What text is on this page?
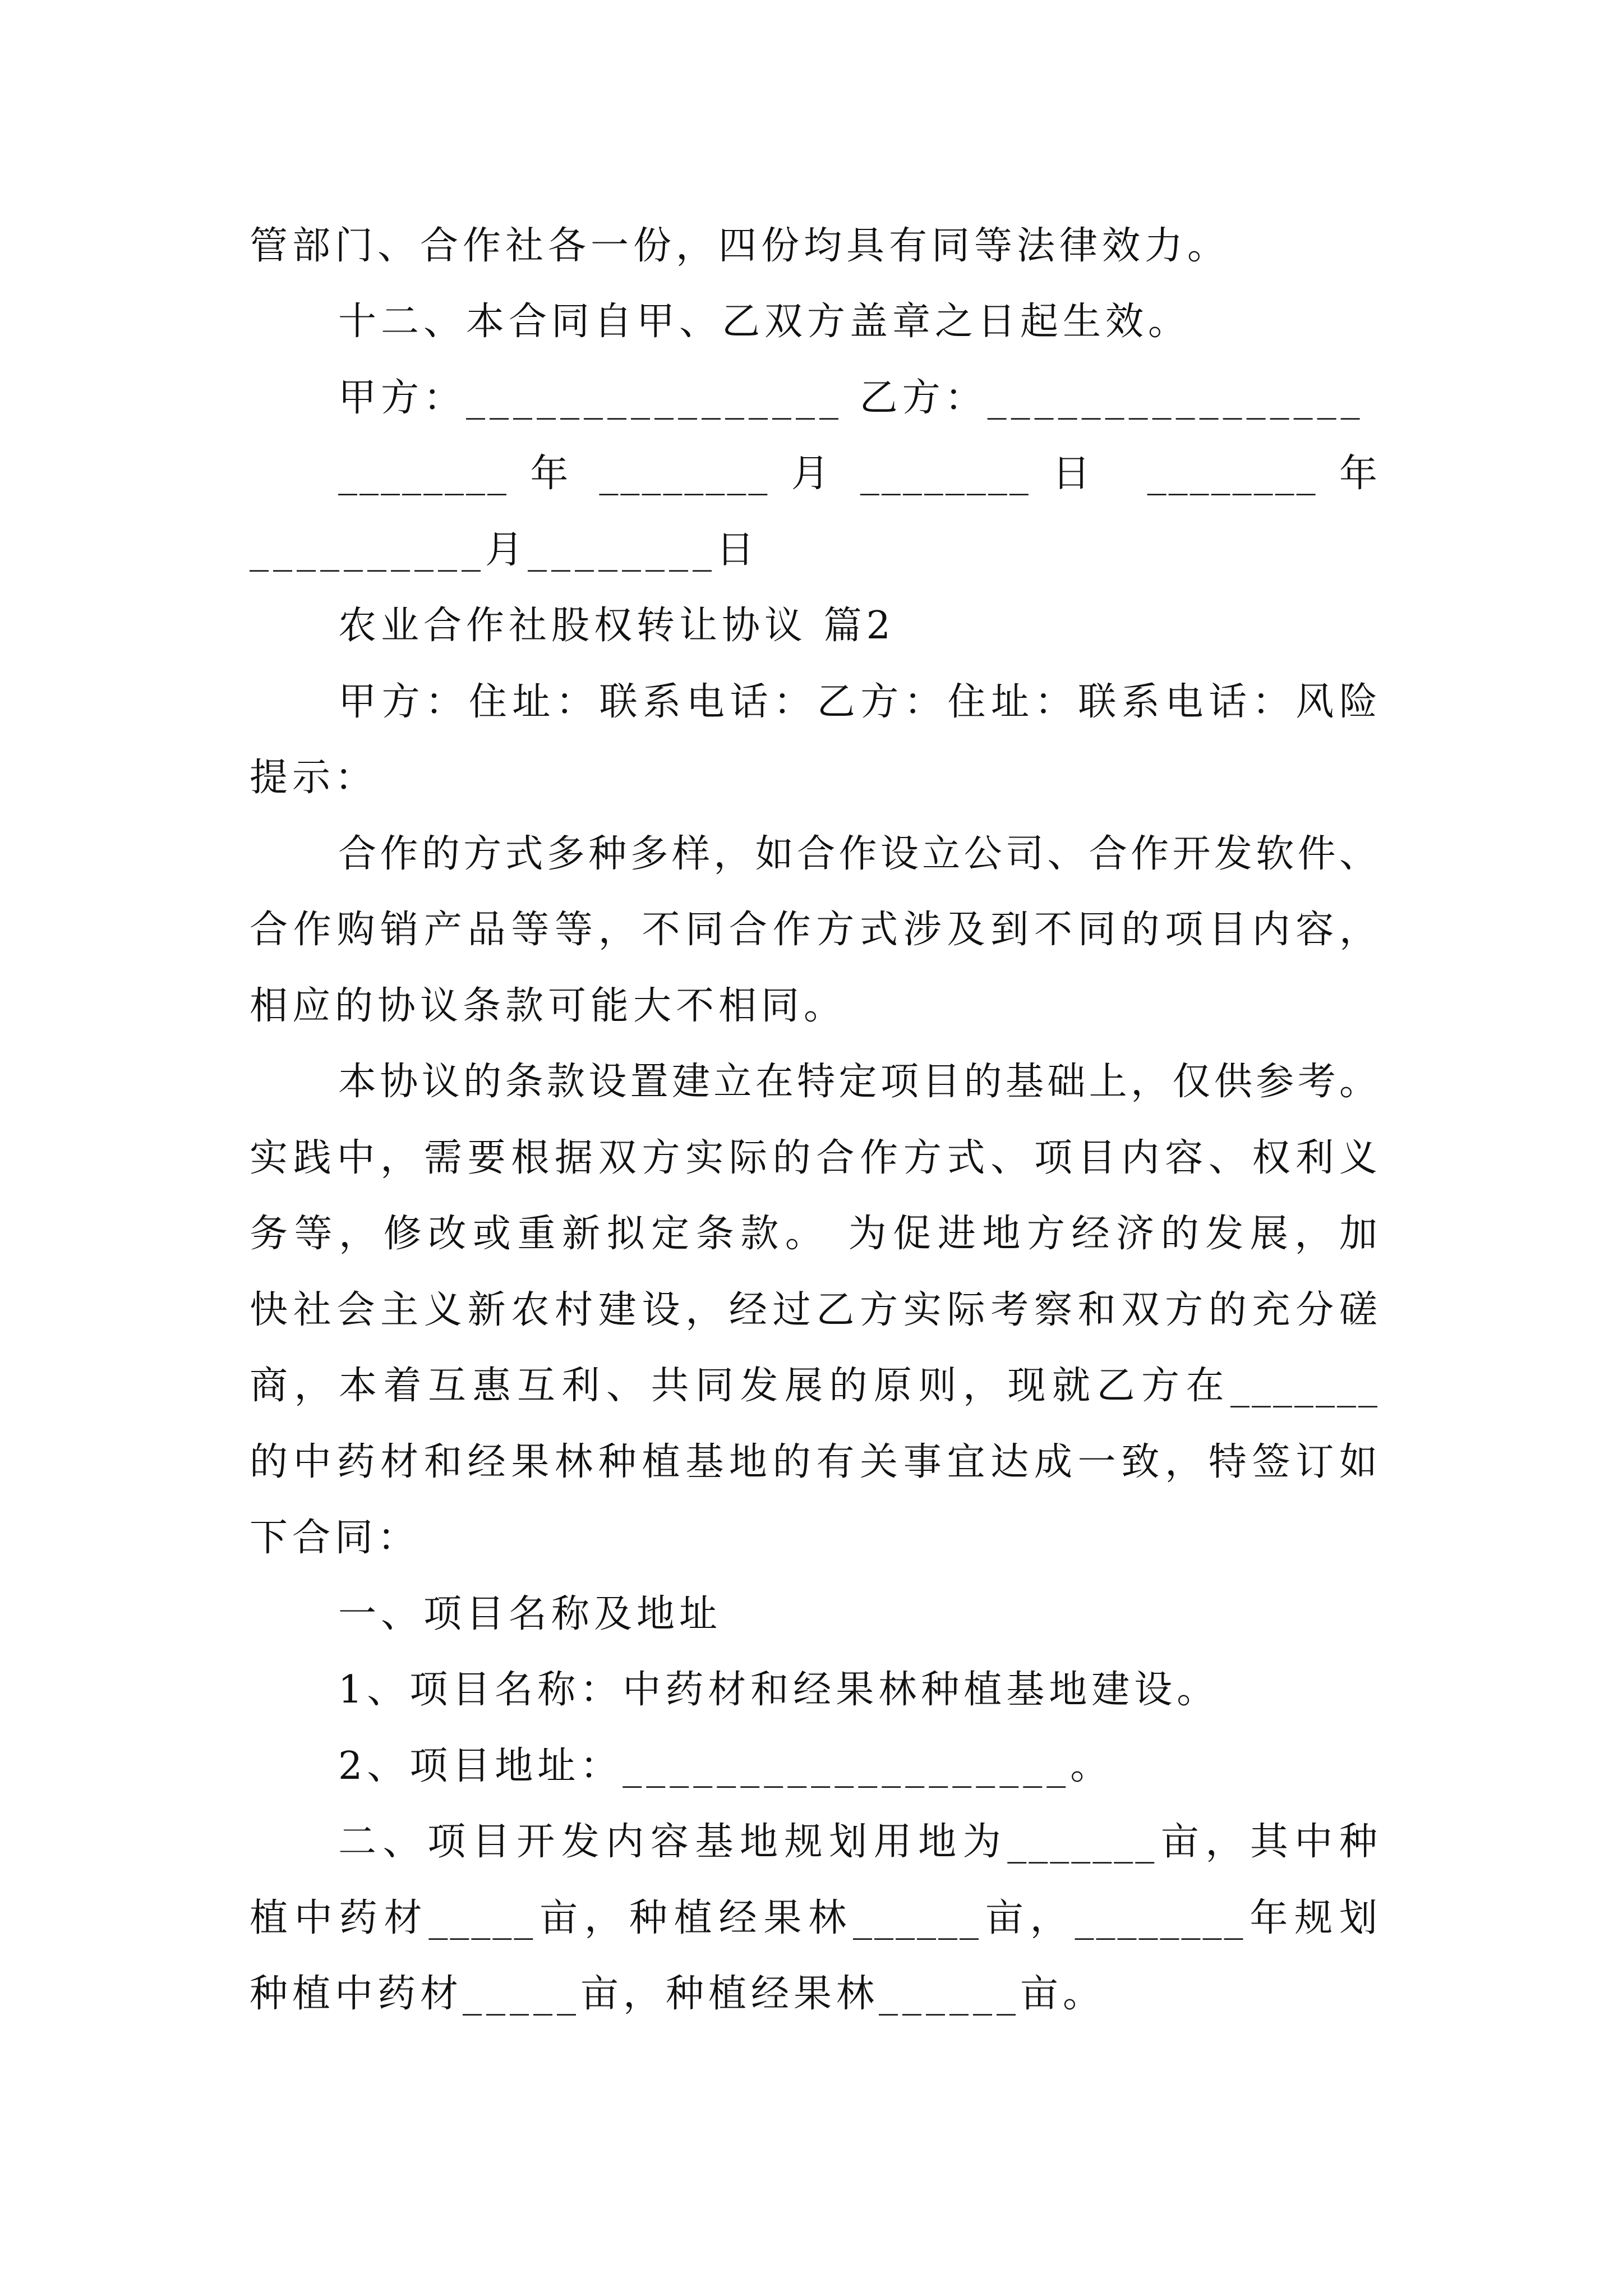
管部门、合作社各一份，四份均具有同等法律效力。
十二、本合同自甲、乙双方盖章之日起生效。
甲方：________________ 乙方：________________
________ 年 ________ 月 ________ 日　________ 年
__________月________日
农业合作社股权转让协议 篇2
甲方：住址：联系电话：乙方：住址：联系电话：风险
提示：
合作的方式多种多样，如合作设立公司、合作开发软件、
合作购销产品等等，不同合作方式涉及到不同的项目内容，
相应的协议条款可能大不相同。
本协议的条款设置建立在特定项目的基础上，仅供参考。
实践中，需要根据双方实际的合作方式、项目内容、权利义
务等，修改或重新拟定条款。 为促进地方经济的发展，加
快社会主义新农村建设，经过乙方实际考察和双方的充分磋
商，本着互惠互利、共同发展的原则，现就乙方在_______
的中药材和经果林种植基地的有关事宜达成一致，特签订如
下合同：
一、项目名称及地址
1、项目名称：中药材和经果林种植基地建设。
2、项目地址：___________________。
二、项目开发内容基地规划用地为_______亩，其中种
植中药材_____亩，种植经果林______亩，________年规划
种植中药材_____亩，种植经果林______亩。
